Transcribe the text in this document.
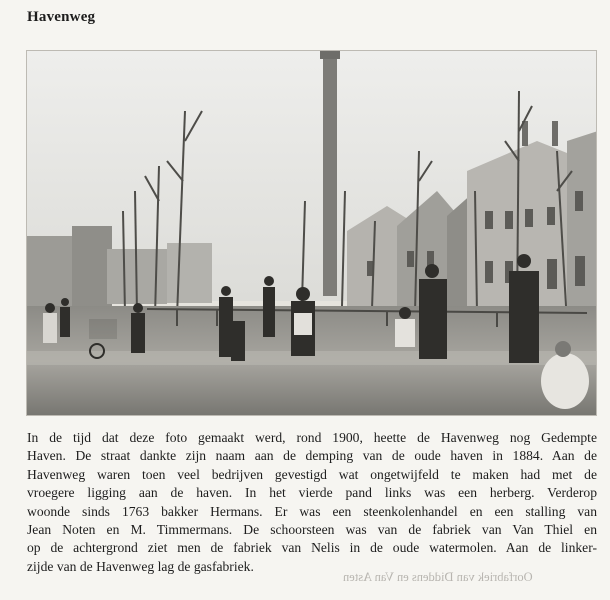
Havenweg
In de tijd dat deze foto gemaakt werd, rond 1900, heette de Havenweg nog Gedempte
Haven. De straat dankte zijn naam aan de demping van de oude haven in 1884. Aan de
Havenweg waren toen veel bedrijven gevestigd wat ongetwijfeld te maken had met de
vroegere ligging aan de haven. In het vierde pand links was een herberg. Verderop
woonde sinds 1763 bakker Hermans. Er was een steenkolenhandel en een stalling van
Jean Noten en M. Timmermans. De schoorsteen was van de fabriek van Van Thiel en
op de achtergrond ziet men de fabriek van Nelis in de oude watermolen. Aan de linker-
zijde van de Havenweg lag de gasfabriek.
Oorfabriek van Diddens en Van Asten
